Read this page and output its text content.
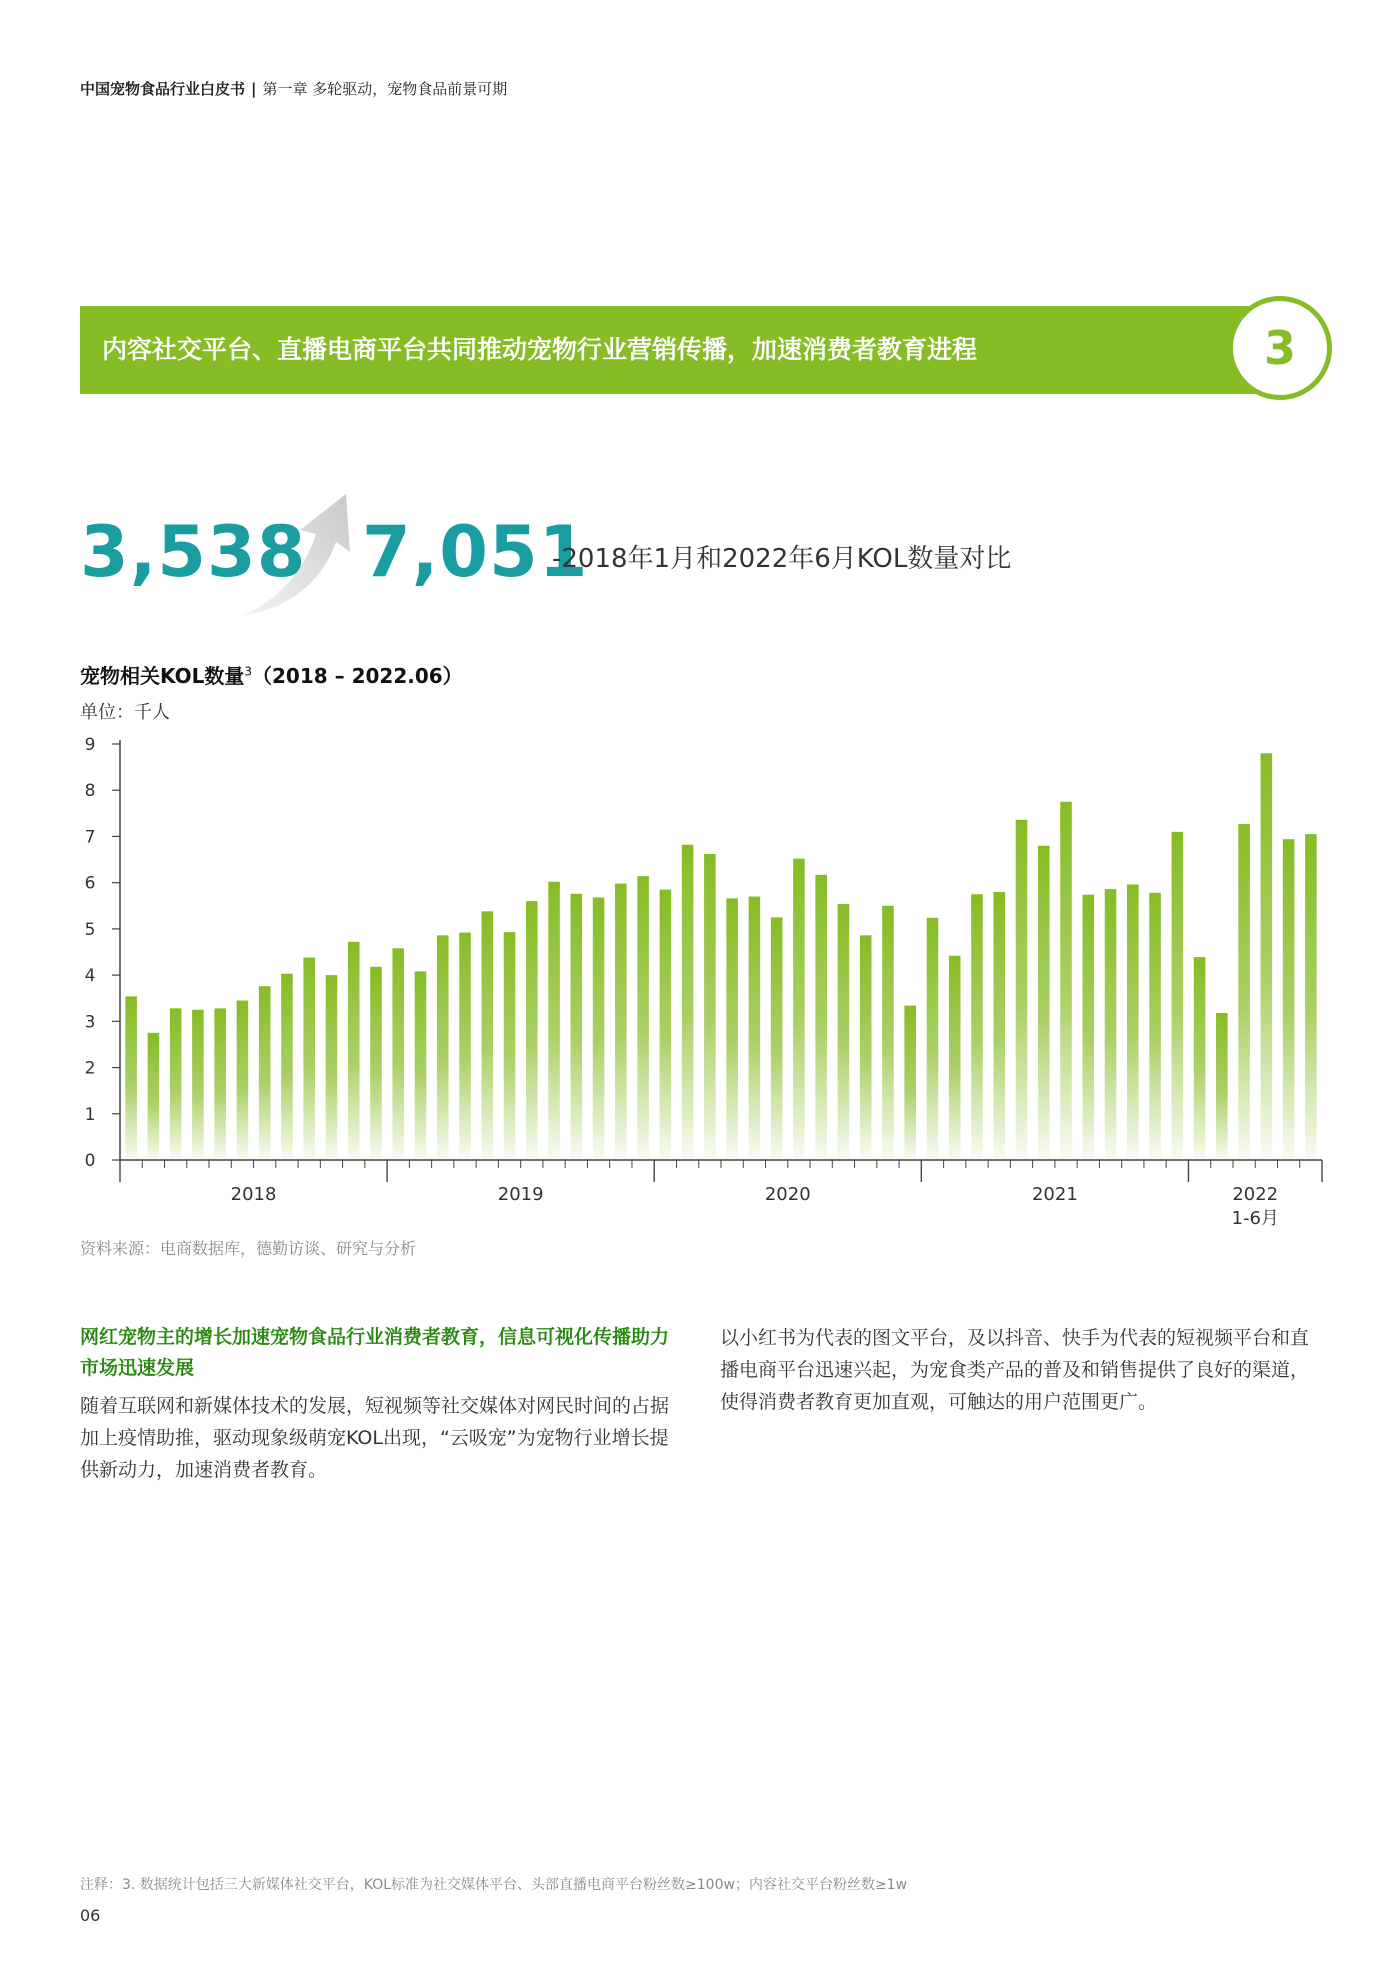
中国宠物食品行业白皮书 | 第一章 多轮驱动，宠物食品前景可期
内容社交平台、直播电商平台共同推动宠物行业营销传播，加速消费者教育进程	3
3,538 7,051
-2018年1月和2022年6月KOL数量对比
宠物相关KOL数量$^3$（2018 – 2022.06）
单位：千人
0
1
2
3
4
5
6
7
8
9
2018	2019	2020	2021	2022
1-6月
资料来源：电商数据库，德勤访谈、研究与分析

网红宠物主的增长加速宠物食品行业消费者教育，信息可视化传播助力市场迅速发展

随着互联网和新媒体技术的发展，短视频等社交媒体对网民时间的占据加上疫情助推，驱动现象级萌宠KOL出现，“云吸宠”为宠物行业增长提供新动力，加速消费者教育。

以小红书为代表的图文平台，及以抖音、快手为代表的短视频平台和直播电商平台迅速兴起，为宠食类产品的普及和销售提供了良好的渠道，使得消费者教育更加直观，可触达的用户范围更广。

注释：3. 数据统计包括三大新媒体社交平台，KOL标准为社交媒体平台、头部直播电商平台粉丝数≥100w；内容社交平台粉丝数≥1w
06
